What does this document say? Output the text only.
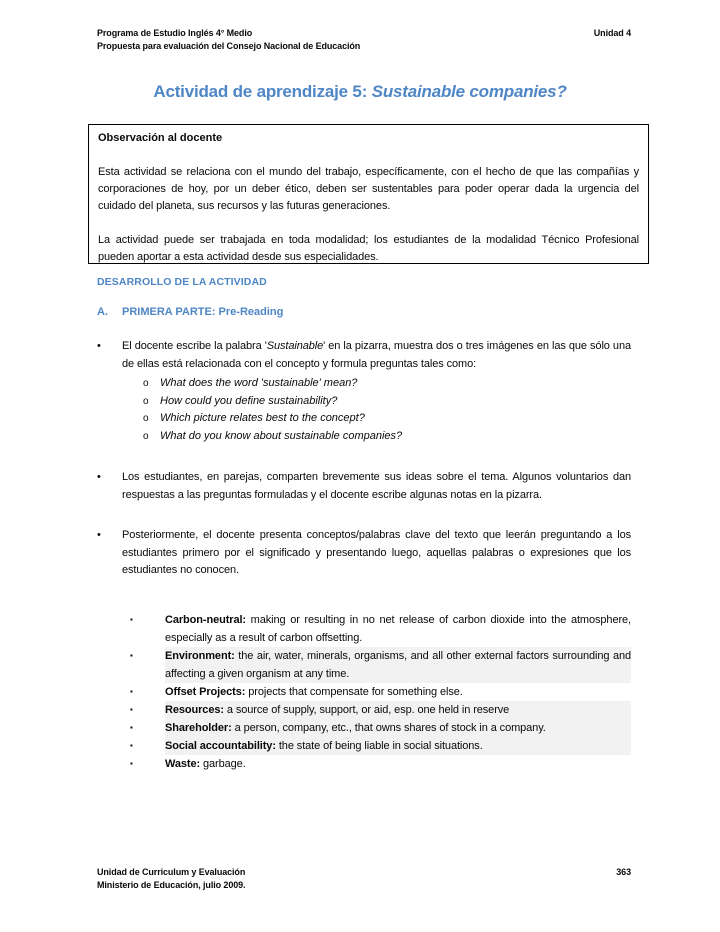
Programa de Estudio Inglés 4° Medio
Propuesta para evaluación del Consejo Nacional de Educación
Unidad 4
Actividad de aprendizaje 5: Sustainable companies?
Observación al docente

Esta actividad se relaciona con el mundo del trabajo, específicamente, con el hecho de que las compañías y corporaciones de hoy, por un deber ético, deben ser sustentables para poder operar dada la urgencia del cuidado del planeta, sus recursos y las futuras generaciones.

La actividad puede ser trabajada en toda modalidad; los estudiantes de la modalidad Técnico Profesional pueden aportar a esta actividad desde sus especialidades.

DESARROLLO DE LA ACTIVIDAD
A. PRIMERA PARTE: Pre-Reading
•	El docente escribe la palabra 'Sustainable' en la pizarra, muestra dos o tres imágenes en las que sólo una de ellas está relacionada con el concepto y formula preguntas tales como:

o	What does the word 'sustainable' mean?
o	How could you define sustainability?
o	Which picture relates best to the concept?
o	What do you know about sustainable companies?
•	Los estudiantes, en parejas, comparten brevemente sus ideas sobre el tema. Algunos voluntarios dan respuestas a las preguntas formuladas y el docente escribe algunas notas en la pizarra.

•	Posteriormente, el docente presenta conceptos/palabras clave del texto que leerán preguntando a los estudiantes primero por el significado y presentando luego, aquellas palabras o expresiones que los estudiantes no conocen.

▪	Carbon-neutral: making or resulting in no net release of carbon dioxide into the atmosphere, especially as a result of carbon offsetting.

▪	Environment: the air, water, minerals, organisms, and all other external factors surrounding and affecting a given organism at any time.

▪	Offset Projects: projects that compensate for something else.

▪	Resources: a source of supply, support, or aid, esp. one held in reserve

▪	Shareholder: a person, company, etc., that owns shares of stock in a company.

▪	Social accountability: the state of being liable in social situations.

▪	Waste: garbage.

Unidad de Curriculum y Evaluación
Ministerio de Educación, julio 2009.
363
